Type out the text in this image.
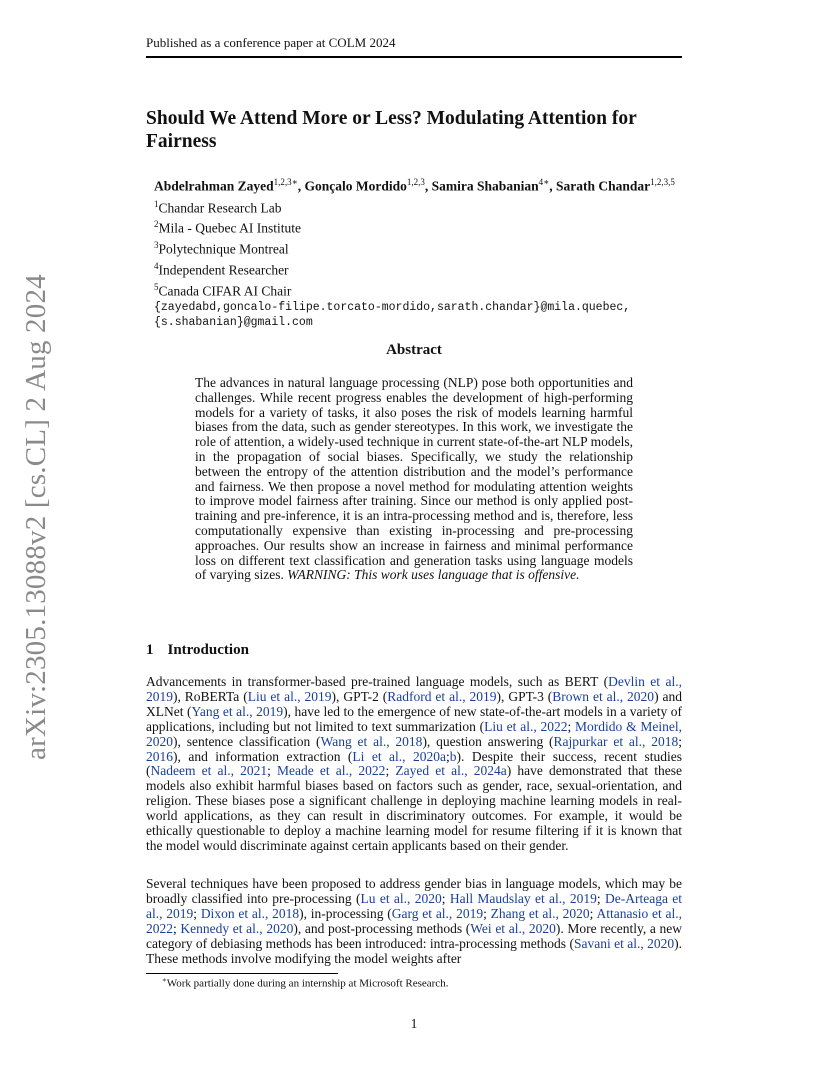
Published as a conference paper at COLM 2024
arXiv:2305.13088v2 [cs.CL] 2 Aug 2024
Should We Attend More or Less? Modulating Attention for Fairness
Abdelrahman Zayed$^{1,2,3∗}$, Gonçalo Mordido$^{1,2,3}$, Samira Shabanian$^{4∗}$, Sarath Chandar$^{1,2,3,5}$
$^1$Chandar Research Lab
$^2$Mila - Quebec AI Institute
$^3$Polytechnique Montreal
$^4$Independent Researcher
$^5$Canada CIFAR AI Chair
{zayedabd,goncalo-filipe.torcato-mordido,sarath.chandar}@mila.quebec,
{s.shabanian}@gmail.com
Abstract
The advances in natural language processing (NLP) pose both opportunities and challenges. While recent progress enables the development of high-performing models for a variety of tasks, it also poses the risk of models learning harmful biases from the data, such as gender stereotypes. In this work, we investigate the role of attention, a widely-used technique in current state-of-the-art NLP models, in the propagation of social biases. Specifically, we study the relationship between the entropy of the attention distribution and the model’s performance and fairness. We then propose a novel method for modulating attention weights to improve model fairness after training. Since our method is only applied post-training and pre-inference, it is an intra-processing method and is, therefore, less computationally expensive than existing in-processing and pre-processing approaches. Our results show an increase in fairness and minimal performance loss on different text classification and generation tasks using language models of varying sizes. WARNING: This work uses language that is offensive.
1 Introduction
Advancements in transformer-based pre-trained language models, such as BERT (Devlin et al., 2019), RoBERTa (Liu et al., 2019), GPT-2 (Radford et al., 2019), GPT-3 (Brown et al., 2020) and XLNet (Yang et al., 2019), have led to the emergence of new state-of-the-art models in a variety of applications, including but not limited to text summarization (Liu et al., 2022; Mordido & Meinel, 2020), sentence classification (Wang et al., 2018), question answering (Rajpurkar et al., 2018; 2016), and information extraction (Li et al., 2020a;b). Despite their success, recent studies (Nadeem et al., 2021; Meade et al., 2022; Zayed et al., 2024a) have demonstrated that these models also exhibit harmful biases based on factors such as gender, race, sexual-orientation, and religion. These biases pose a significant challenge in deploying machine learning models in real-world applications, as they can result in discriminatory outcomes. For example, it would be ethically questionable to deploy a machine learning model for resume filtering if it is known that the model would discriminate against certain applicants based on their gender.
Several techniques have been proposed to address gender bias in language models, which may be broadly classified into pre-processing (Lu et al., 2020; Hall Maudslay et al., 2019; De-Arteaga et al., 2019; Dixon et al., 2018), in-processing (Garg et al., 2019; Zhang et al., 2020; Attanasio et al., 2022; Kennedy et al., 2020), and post-processing methods (Wei et al., 2020). More recently, a new category of debiasing methods has been introduced: intra-processing methods (Savani et al., 2020). These methods involve modifying the model weights after
∗Work partially done during an internship at Microsoft Research.
1
